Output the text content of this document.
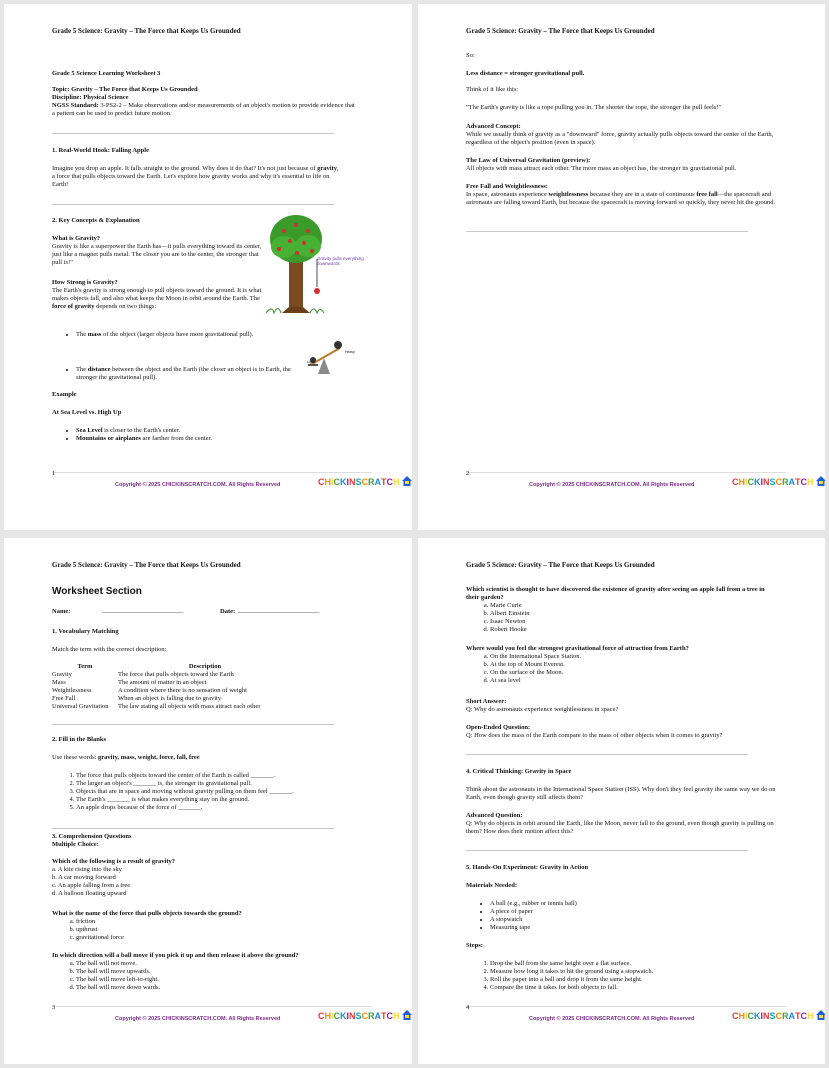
Grade 5 Science: Gravity – The Force that Keeps Us Grounded
Grade 5 Science Learning Worksheet 3
Topic: Gravity – The Force that Keeps Us Grounded
Discipline: Physical Science
NGSS Standard: 3-PS2-2 – Make observations and/or measurements of an object's motion to provide evidence that a pattern can be used to predict future motion.
1. Real-World Hook: Falling Apple
Imagine you drop an apple. It falls straight to the ground. Why does it do that? It's not just because of gravity, a force that pulls objects toward the Earth. Let's explore how gravity works and why it's essential to life on Earth!
2. Key Concepts & Explanation
What is Gravity?
Gravity is like a superpower the Earth has—it pulls everything toward its center, just like a magnet pulls metal. The closer you are to the center, the stronger that pull is!"
Gravity pulls everything downwards
How Strong is Gravity?
The Earth's gravity is strong enough to pull objects toward the ground. It is what makes objects fall, and also what keeps the Moon in orbit around the Earth. The force of gravity depends on two things:
• The mass of the object (larger objects have more gravitational pull).
Heavy
Light
• The distance between the object and the Earth (the closer an object is to Earth, the stronger the gravitational pull).
Example
At Sea Level vs. High Up
• Sea Level is closer to the Earth's center.
• Mountains or airplanes are farther from the center.
1
Copyright © 2025 CHICKINSCRATCH.COM. All Rights Reserved	CHICKINSCRATCH
Grade 5 Science: Gravity – The Force that Keeps Us Grounded
So:
Less distance = stronger gravitational pull.
Think of it like this:
"The Earth's gravity is like a rope pulling you in. The shorter the rope, the stronger the pull feels!"
Advanced Concept:
While we usually think of gravity as a "downward" force, gravity actually pulls objects toward the center of the Earth, regardless of the object's position (even in space).
The Law of Universal Gravitation (preview):
All objects with mass attract each other. The more mass an object has, the stronger its gravitational pull.
Free Fall and Weightlessness:
In space, astronauts experience weightlessness because they are in a state of continuous free fall—the spacecraft and astronauts are falling toward Earth, but because the spacecraft is moving forward so quickly, they never hit the ground.
2
Copyright © 2025 CHICKINSCRATCH.COM. All Rights Reserved	CHICKINSCRATCH
Grade 5 Science: Gravity – The Force that Keeps Us Grounded
Worksheet Section
Name:	_________________________	Date: _________________________
1. Vocabulary Matching
Match the term with the correct description:
Term	Description
Gravity	The force that pulls objects toward the Earth
Mass	The amount of matter in an object
Weightlessness	A condition where there is no sensation of weight
Free Fall	When an object is falling due to gravity
Universal Gravitation	The law stating all objects with mass attract each other
2. Fill in the Blanks
Use these words: gravity, mass, weight, force, fall, free
1. The force that pulls objects toward the center of the Earth is called _______.
2. The larger an object's _______ is, the stronger its gravitational pull.
3. Objects that are in space and moving without gravity pulling on them feel _______.
4. The Earth's _______ is what makes everything stay on the ground.
5. An apple drops because of the force of _______.
3. Comprehension Questions
Multiple Choice:
Which of the following is a result of gravity?
a. A kite rising into the sky
b. A car moving forward
c. An apple falling from a tree
d. A balloon floating upward
What is the name of the force that pulls objects towards the ground?
a. friction
b. upthrust
c. gravitational force
In which direction will a ball move if you pick it up and then release it above the ground?
a. The ball will not move.
b. The ball will move upwards.
c. The ball will move left-to-right.
d. The ball will move down wards.
3
Copyright © 2025 CHICKINSCRATCH.COM. All Rights Reserved	CHICKINSCRATCH
Grade 5 Science: Gravity – The Force that Keeps Us Grounded
Which scientist is thought to have discovered the existence of gravity after seeing an apple fall from a tree in their garden?
a. Marie Curie
b. Albert Einstein
c. Isaac Newton
d. Robert Hooke
Where would you feel the strongest gravitational force of attraction from Earth?
a. On the International Space Station.
b. At the top of Mount Everest.
c. On the surface of the Moon.
d. At sea level
Short Answer:
Q: Why do astronauts experience weightlessness in space?
Open-Ended Question:
Q: How does the mass of the Earth compare to the mass of other objects when it comes to gravity?
4. Critical Thinking: Gravity in Space
Think about the astronauts in the International Space Station (ISS). Why don't they feel gravity the same way we do on Earth, even though gravity still affects them?
Advanced Question:
Q: Why do objects in orbit around the Earth, like the Moon, never fall to the ground, even though gravity is pulling on them? How does their motion affect this?
5. Hands-On Experiment: Gravity in Action
Materials Needed:
• A ball (e.g., rubber or tennis ball)
• A piece of paper
• A stopwatch
• Measuring tape
Steps:
1. Drop the ball from the same height over a flat surface.
2. Measure how long it takes to hit the ground using a stopwatch.
3. Roll the paper into a ball and drop it from the same height.
4. Compare the time it takes for both objects to fall.
4
Copyright © 2025 CHICKINSCRATCH.COM. All Rights Reserved	CHICKINSCRATCH
